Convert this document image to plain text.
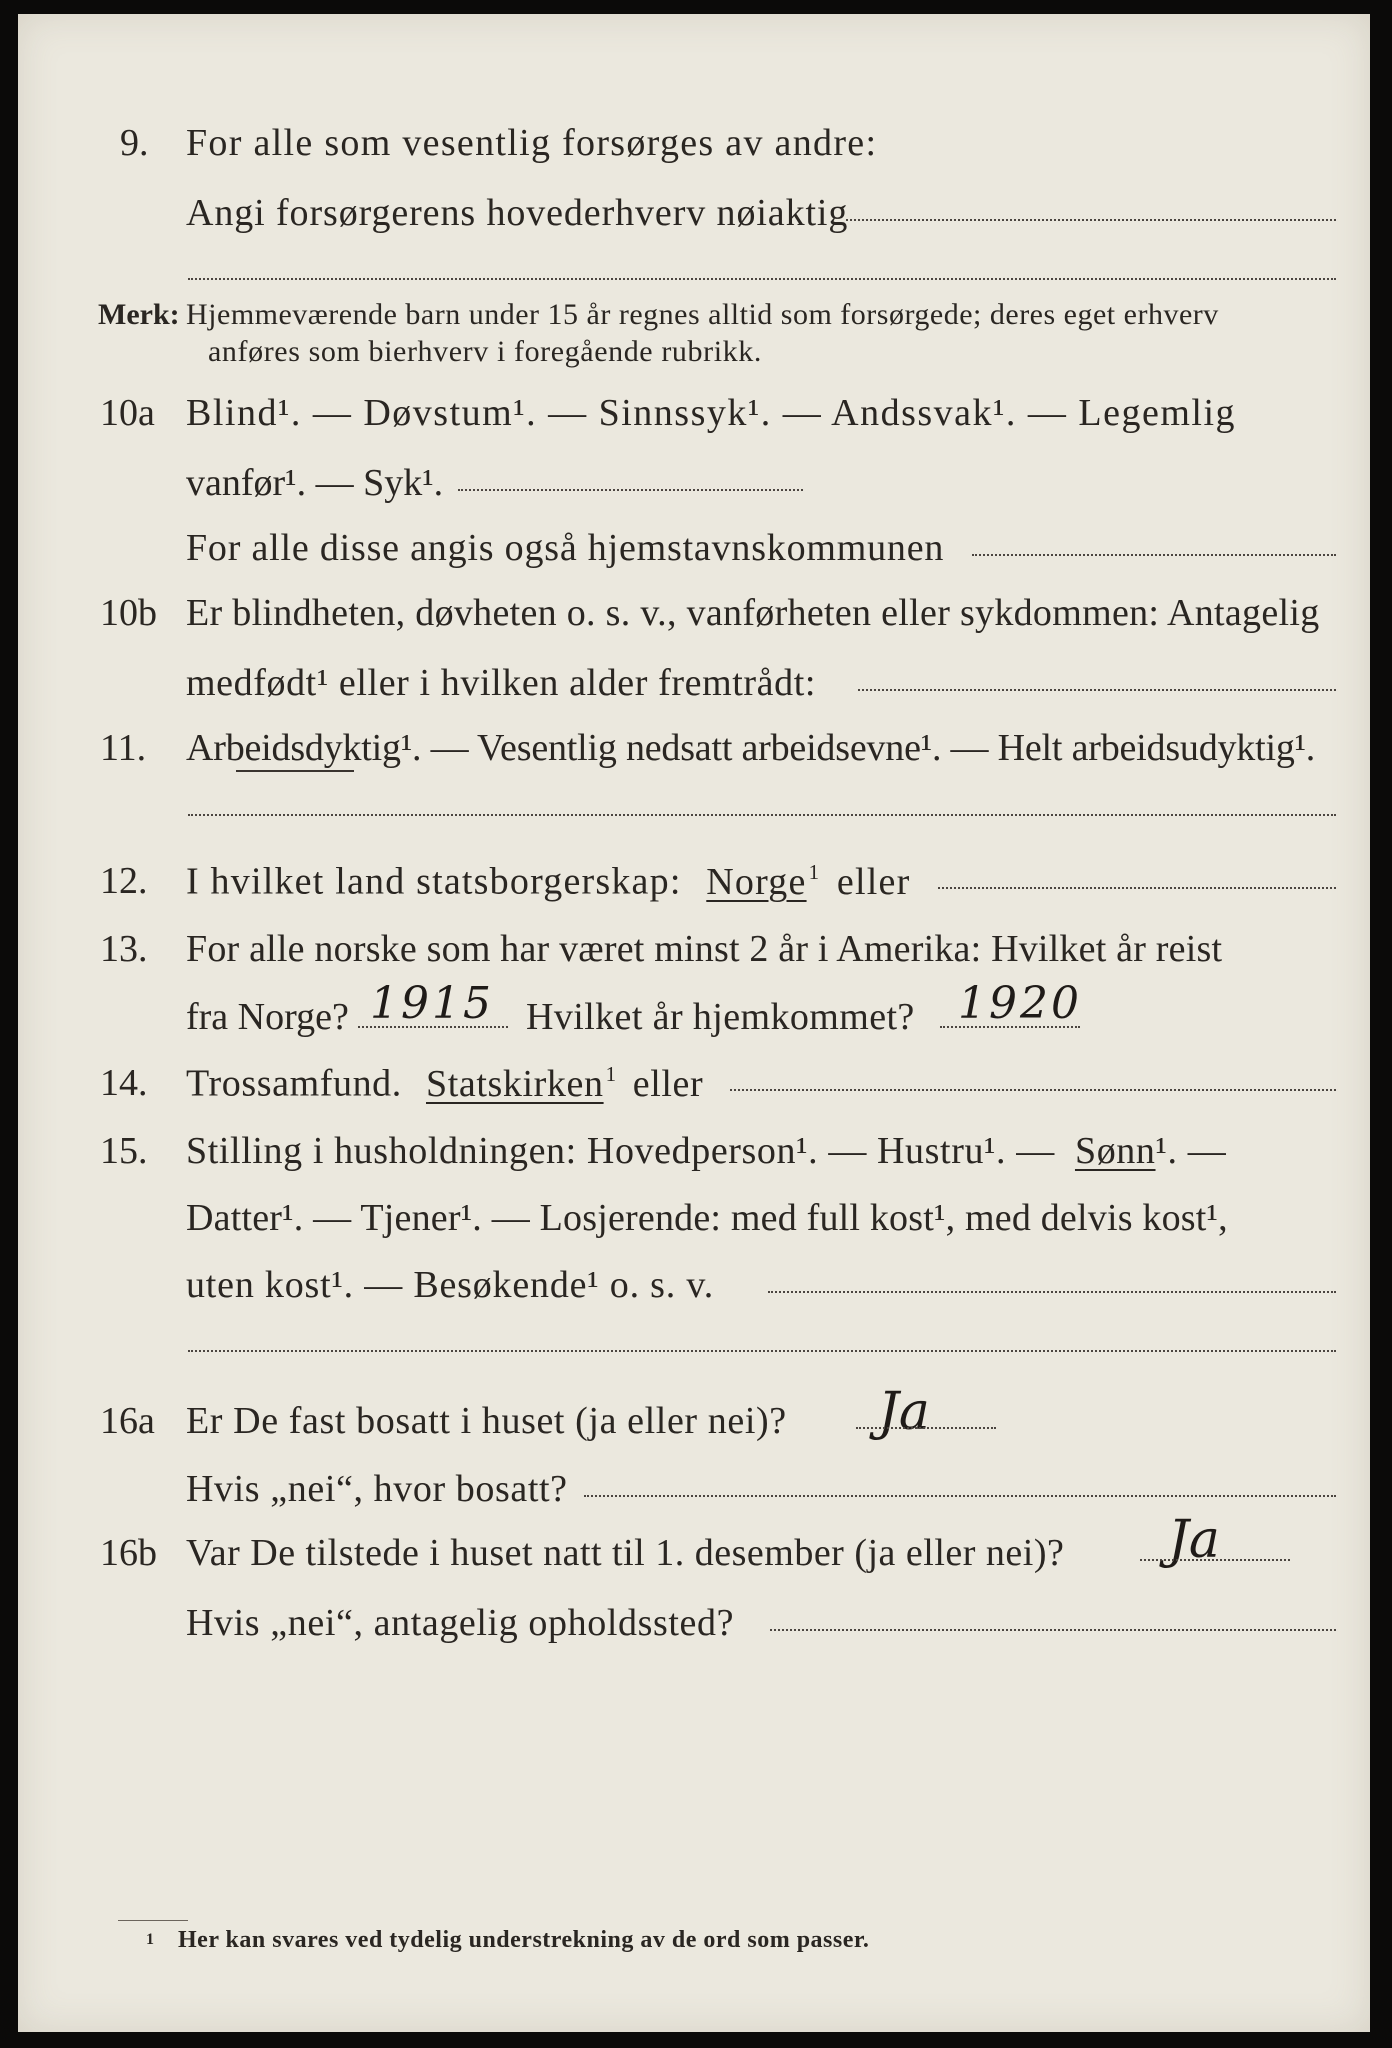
9. For alle som vesentlig forsørges av andre:
Angi forsørgerens hovederhverv nøiaktig
Merk: Hjemmeværende barn under 15 år regnes alltid som forsørgede; deres eget erhverv
anføres som bierhverv i foregående rubrikk.
10a Blind¹. — Døvstum¹. — Sinnssyk¹. — Andssvak¹. — Legemlig
vanfør¹. — Syk¹.
For alle disse angis også hjemstavnskommunen
10b Er blindheten, døvheten o. s. v., vanførheten eller sykdommen: Antagelig
medfødt¹ eller i hvilken alder fremtrådt:
11. Arbeidsdyktig¹. — Vesentlig nedsatt arbeidsevne¹. — Helt arbeidsudyktig¹.
12. I hvilket land statsborgerskap: Norge$^1$ eller
13. For alle norske som har været minst 2 år i Amerika: Hvilket år reist
fra Norge? 1915 Hvilket år hjemkommet? 1920
14. Trossamfund. Statskirken$^1$ eller
15. Stilling i husholdningen: Hovedperson¹. — Hustru¹. — Sønn¹. —
Datter¹. — Tjener¹. — Losjerende: med full kost¹, med delvis kost¹,
uten kost¹. — Besøkende¹ o. s. v.
16a Er De fast bosatt i huset (ja eller nei)? Ja
Hvis „nei“, hvor bosatt?
16b Var De tilstede i huset natt til 1. desember (ja eller nei)? Ja
Hvis „nei“, antagelig opholdssted?
1 Her kan svares ved tydelig understrekning av de ord som passer.
